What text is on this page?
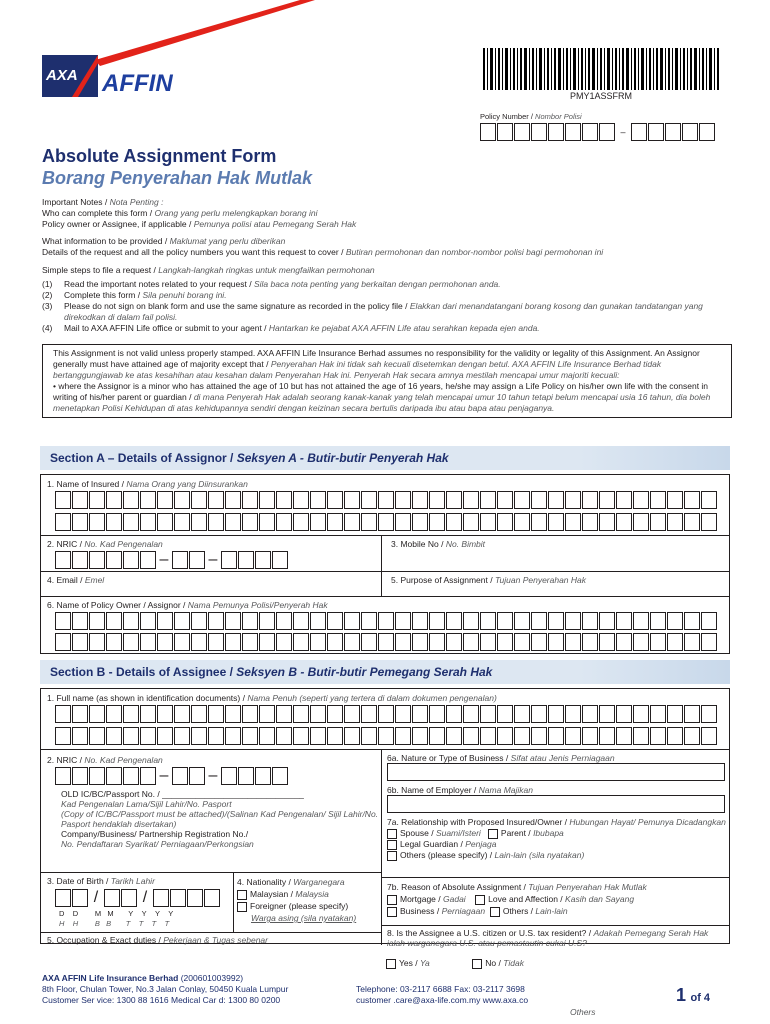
AXA AFFIN	PMY1ASSFRM
Policy Number / Nombor Polisi
–
Absolute Assignment Form
Borang Penyerahan Hak Mutlak
Important Notes / Nota Penting :
Who can complete this form / Orang yang perlu melengkapkan borang ini
Policy owner or Assignee, if applicable / Pemunya polisi atau Pemegang Serah Hak
What information to be provided / Maklumat yang perlu diberikan
Details of the request and all the policy numbers you want this request to cover / Butiran permohonan dan nombor-nombor polisi bagi permohonan ini
Simple steps to file a request / Langkah-langkah ringkas untuk mengfailkan permohonan
(1)	Read the important notes related to your request / Sila baca nota penting yang berkaitan dengan permohonan anda.
(2)	Complete this form / Sila penuhi borang ini.
(3)	Please do not sign on blank form and use the same signature as recorded in the policy file / Elakkan dari menandatangani borang kosong dan gunakan tandatangan yang direkodkan di dalam fail polisi.
(4)	Mail to AXA AFFIN Life office or submit to your agent / Hantarkan ke pejabat AXA AFFIN Life atau serahkan kepada ejen anda.
This Assignment is not valid unless properly stamped. AXA AFFIN Life Insurance Berhad assumes no responsibility for the validity or legality of this Assignment. An Assignor generally must have attained age of majority except that / Penyerahan Hak ini tidak sah kecuali disetemkan dengan betul. AXA AFFIN Life Insurance Berhad tidak bertanggungjawab ke atas kesahihan atau kesahan dalam Penyerahan Hak ini. Penyerah Hak secara amnya mestilah mencapai umur majoriti kecuali:
• where the Assignor is a minor who has attained the age of 10 but has not attained the age of 16 years, he/she may assign a Life Policy on his/her own life with the consent in writing of his/her parent or guardian / di mana Penyerah Hak adalah seorang kanak-kanak yang telah mencapai umur 10 tahun tetapi belum mencapai usia 16 tahun, dia boleh menetapkan Polisi Kehidupan di atas kehidupannya sendiri dengan keizinan secara bertulis daripada ibu atau bapa atau penjaganya.
Section A – Details of Assignor / Seksyen A - Butir-butir Penyerah Hak
1. Name of Insured / Nama Orang yang Diinsurankan
2. NRIC / No. Kad Pengenalan
–	–
3. Mobile No / No. Bimbit
4. Email / Emel	5. Purpose of Assignment / Tujuan Penyerahan Hak
6. Name of Policy Owner / Assignor / Nama Pemunya Polisi/Penyerah Hak
Section B - Details of Assignee / Seksyen B - Butir-butir Pemegang Serah Hak
1. Full name (as shown in identification documents) / Nama Penuh (seperti yang tertera di dalam dokumen pengenalan)
2. NRIC / No. Kad Pengenalan
–	–
OLD IC/BC/Passport No. / ______________________________
Kad Pengenalan Lama/Sijil Lahir/No. Pasport
(Copy of IC/BC/Passport must be attached)/(Salinan Kad Pengenalan/ Sijil Lahir/No. Pasport hendaklah disertakan)
Company/Business/ Partnership Registration No./
No. Pendaftaran Syarikat/ Perniagaan/Perkongsian
3. Date of Birth / Tarikh Lahir
/	/
D D M M Y Y Y Y
H H B B T T T T
4. Nationality / Warganegara
Malaysian / Malaysia
Foreigner (please specify)
Warga asing (sila nyatakan)
5. Occupation & Exact duties / Pekerjaan & Tugas sebenar
6a. Nature or Type of Business / Sifat atau Jenis Perniagaan
6b. Name of Employer / Nama Majikan
7a. Relationship with Proposed Insured/Owner / Hubungan Hayat/ Pemunya Dicadangkan
Spouse / Suami/Isteri Parent / Ibubapa
Legal Guardian / Penjaga
Others (please specify) / Lain-lain (sila nyatakan)
7b. Reason of Absolute Assignment / Tujuan Penyerahan Hak Mutlak
Mortgage / Gadai	Love and Affection / Kasih dan Sayang
Business / Perniagaan Others / Lain-lain
8. Is the Assignee a U.S. citizen or U.S. tax resident? / Adakah Pemegang Serah Hak ialah warganegara U.S. atau pemastautin cukai U.S?
Yes / Ya	No / Tidak
AXA AFFIN Life Insurance Berhad (200601003992)
8th Floor, Chulan Tower, No.3 Jalan Conlay, 50450 Kuala Lumpur
Customer Ser vice: 1300 88 1616 Medical Car d: 1300 80 0200
Telephone: 03-2117 6688 Fax: 03-2117 3698
customer .care@axa-life.com.my www.axa.co	1 of 4
Others
